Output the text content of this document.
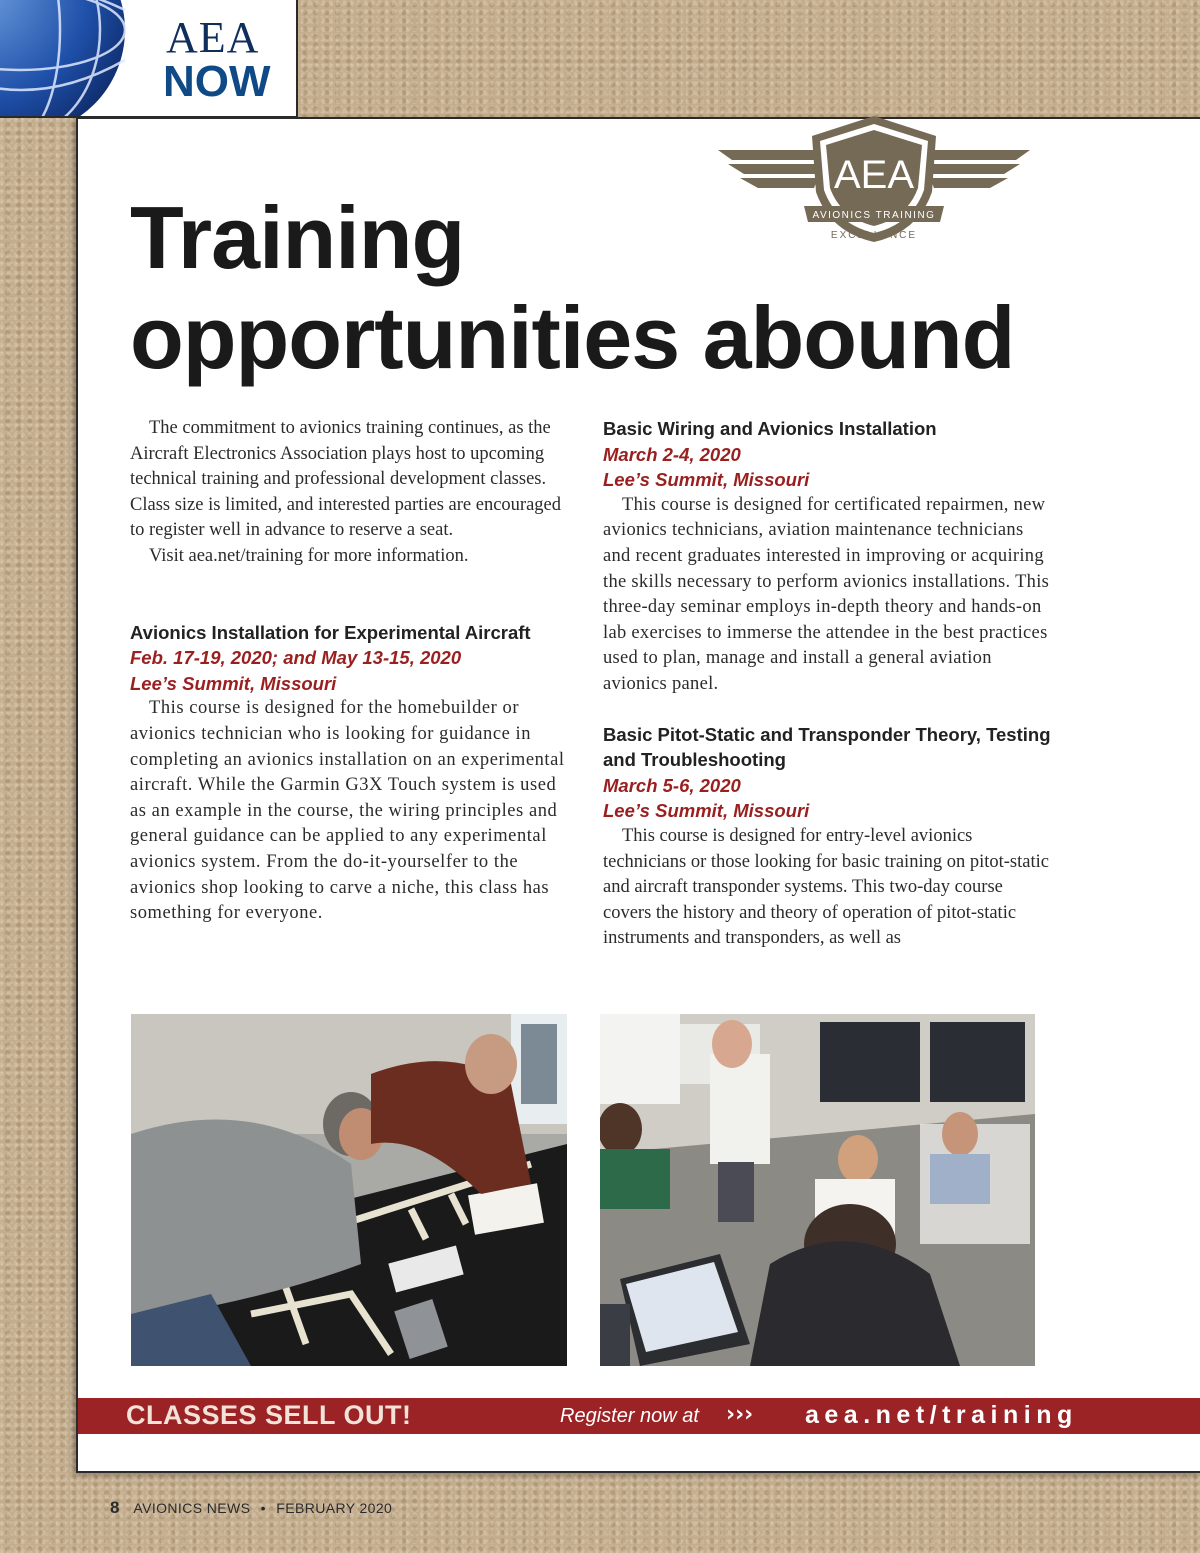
AEA
NOW
AEA
AVIONICS TRAINING
EXCELLENCE
Training
opportunities abound

The commitment to avionics training continues, as the Aircraft Electronics Association plays host to upcoming technical training and professional development classes. Class size is limited, and interested parties are encouraged to register well in advance to reserve a seat.

Visit aea.net/training for more information.

Avionics Installation for Experimental Aircraft
Feb. 17-19, 2020; and May 13-15, 2020
Lee’s Summit, Missouri

This course is designed for the homebuilder or avionics technician who is looking for guidance in completing an avionics installation on an experimental aircraft. While the Garmin G3X Touch system is used as an example in the course, the wiring principles and general guidance can be applied to any experimental avionics system. From the do-it-yourselfer to the avionics shop looking to carve a niche, this class has something for everyone.

Basic Wiring and Avionics Installation
March 2-4, 2020
Lee’s Summit, Missouri

This course is designed for certificated repairmen, new avionics technicians, aviation maintenance technicians and recent graduates interested in improving or acquiring the skills necessary to perform avionics installations. This three-day seminar employs in-depth theory and hands-on lab exercises to immerse the attendee in the best practices used to plan, manage and install a general aviation avionics panel.

Basic Pitot-Static and Transponder Theory, Testing and Troubleshooting
March 5-6, 2020
Lee’s Summit, Missouri

This course is designed for entry-level avionics technicians or those looking for basic training on pitot-static and aircraft transponder systems. This two-day course covers the history and theory of operation of pitot-static instruments and transponders, as well as

CLASSES SELL OUT!	Register now at ››› aea.net/training
8 AVIONICS NEWS • FEBRUARY 2020
